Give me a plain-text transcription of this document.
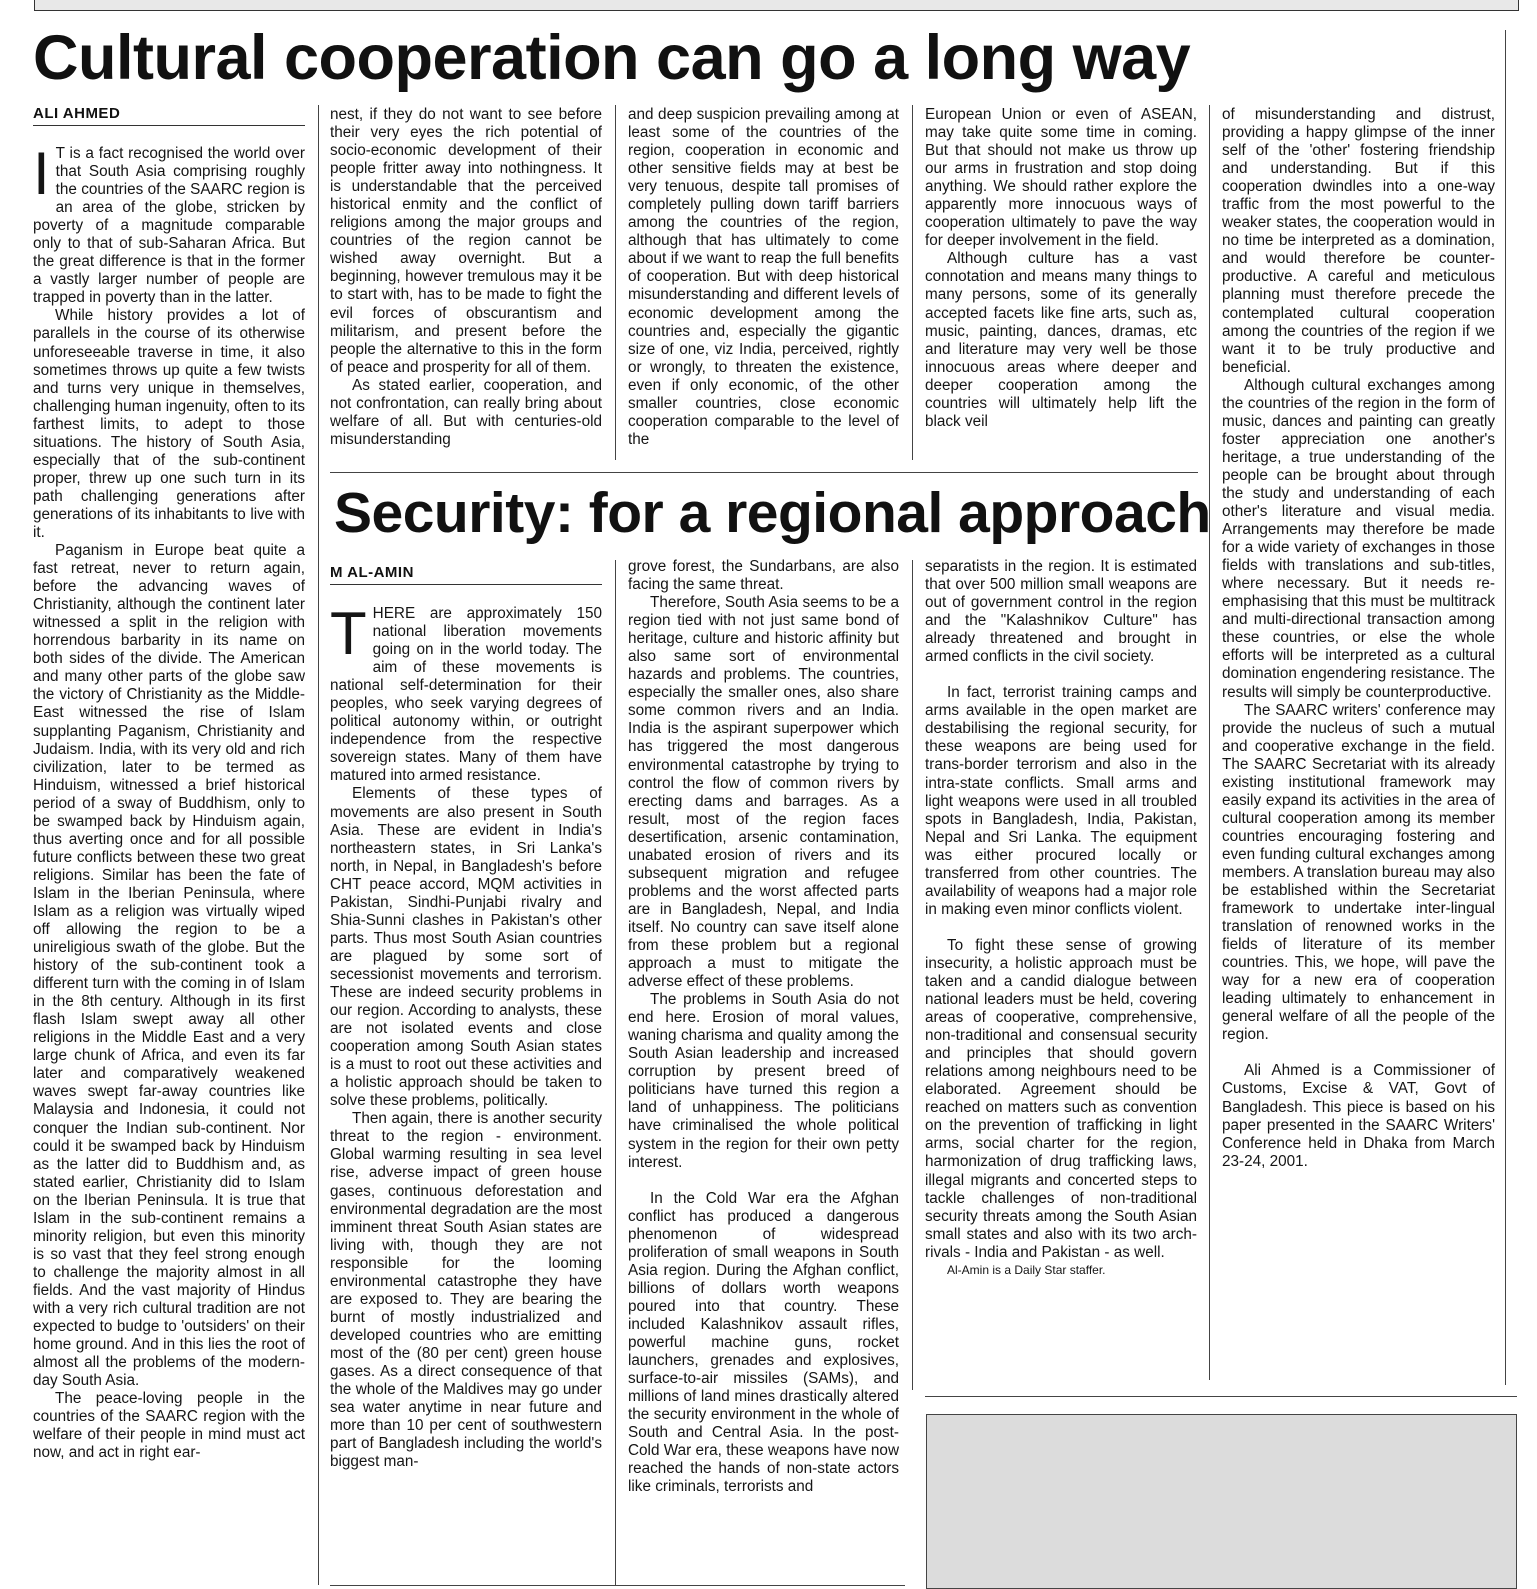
Cultural cooperation can go a long way
ALI AHMED

I T is a fact recognised the world over that South Asia comprising roughly the countries of the SAARC region is an area of the globe, stricken by poverty of a magnitude comparable only to that of sub-Saharan Africa. But the great difference is that in the former a vastly larger number of people are trapped in poverty than in the latter.

While history provides a lot of parallels in the course of its otherwise unforeseeable traverse in time, it also sometimes throws up quite a few twists and turns very unique in themselves, challenging human ingenuity, often to its farthest limits, to adept to those situations. The history of South Asia, especially that of the sub-continent proper, threw up one such turn in its path challenging generations after generations of its inhabitants to live with it.

Paganism in Europe beat quite a fast retreat, never to return again, before the advancing waves of Christianity, although the continent later witnessed a split in the religion with horrendous barbarity in its name on both sides of the divide. The American and many other parts of the globe saw the victory of Christianity as the Middle-East witnessed the rise of Islam supplanting Paganism, Christianity and Judaism. India, with its very old and rich civilization, later to be termed as Hinduism, witnessed a brief historical period of a sway of Buddhism, only to be swamped back by Hinduism again, thus averting once and for all possible future conflicts between these two great religions. Similar has been the fate of Islam in the Iberian Peninsula, where Islam as a religion was virtually wiped off allowing the region to be a unireligious swath of the globe. But the history of the sub-continent took a different turn with the coming in of Islam in the 8th century. Although in its first flash Islam swept away all other religions in the Middle East and a very large chunk of Africa, and even its far later and comparatively weakened waves swept far-away countries like Malaysia and Indonesia, it could not conquer the Indian sub-continent. Nor could it be swamped back by Hinduism as the latter did to Buddhism and, as stated earlier, Christianity did to Islam on the Iberian Peninsula. It is true that Islam in the sub-continent remains a minority religion, but even this minority is so vast that they feel strong enough to challenge the majority almost in all fields. And the vast majority of Hindus with a very rich cultural tradition are not expected to budge to 'outsiders' on their home ground. And in this lies the root of almost all the problems of the modern-day South Asia.

The peace-loving people in the countries of the SAARC region with the welfare of their people in mind must act now, and act in right ear-

nest, if they do not want to see before their very eyes the rich potential of socio-economic development of their people fritter away into nothingness. It is understandable that the perceived historical enmity and the conflict of religions among the major groups and countries of the region cannot be wished away overnight. But a beginning, however tremulous may it be to start with, has to be made to fight the evil forces of obscurantism and militarism, and present before the people the alternative to this in the form of peace and prosperity for all of them.

As stated earlier, cooperation, and not confrontation, can really bring about welfare of all. But with centuries-old misunderstanding

and deep suspicion prevailing among at least some of the countries of the region, cooperation in economic and other sensitive fields may at best be very tenuous, despite tall promises of completely pulling down tariff barriers among the countries of the region, although that has ultimately to come about if we want to reap the full benefits of cooperation. But with deep historical misunderstanding and different levels of economic development among the countries and, especially the gigantic size of one, viz India, perceived, rightly or wrongly, to threaten the existence, even if only economic, of the other smaller countries, close economic cooperation comparable to the level of the

European Union or even of ASEAN, may take quite some time in coming. But that should not make us throw up our arms in frustration and stop doing anything. We should rather explore the apparently more innocuous ways of cooperation ultimately to pave the way for deeper involvement in the field.

Although culture has a vast connotation and means many things to many persons, some of its generally accepted facets like fine arts, such as, music, painting, dances, dramas, etc and literature may very well be those innocuous areas where deeper and deeper cooperation among the countries will ultimately help lift the black veil

of misunderstanding and distrust, providing a happy glimpse of the inner self of the 'other' fostering friendship and understanding. But if this cooperation dwindles into a one-way traffic from the most powerful to the weaker states, the cooperation would in no time be interpreted as a domination, and would therefore be counter-productive. A careful and meticulous planning must therefore precede the contemplated cultural cooperation among the countries of the region if we want it to be truly productive and beneficial.

Although cultural exchanges among the countries of the region in the form of music, dances and painting can greatly foster appreciation one another's heritage, a true understanding of the people can be brought about through the study and understanding of each other's literature and visual media. Arrangements may therefore be made for a wide variety of exchanges in those fields with translations and sub-titles, where necessary. But it needs re-emphasising that this must be multitrack and multi-directional transaction among these countries, or else the whole efforts will be interpreted as a cultural domination engendering resistance. The results will simply be counterproductive.

The SAARC writers' conference may provide the nucleus of such a mutual and cooperative exchange in the field. The SAARC Secretariat with its already existing institutional framework may easily expand its activities in the area of cultural cooperation among its member countries encouraging fostering and even funding cultural exchanges among members. A translation bureau may also be established within the Secretariat framework to undertake inter-lingual translation of renowned works in the fields of literature of its member countries. This, we hope, will pave the way for a new era of cooperation leading ultimately to enhancement in general welfare of all the people of the region.

Ali Ahmed is a Commissioner of Customs, Excise & VAT, Govt of Bangladesh. This piece is based on his paper presented in the SAARC Writers' Conference held in Dhaka from March 23-24, 2001.

Security: for a regional approach
M AL-AMIN

THERE are approximately 150 national liberation movements going on in the world today. The aim of these movements is national self-determination for their peoples, who seek varying degrees of political autonomy within, or outright independence from the respective sovereign states. Many of them have matured into armed resistance.

Elements of these types of movements are also present in South Asia. These are evident in India's northeastern states, in Sri Lanka's north, in Nepal, in Bangladesh's before CHT peace accord, MQM activities in Pakistan, Sindhi-Punjabi rivalry and Shia-Sunni clashes in Pakistan's other parts. Thus most South Asian countries are plagued by some sort of secessionist movements and terrorism. These are indeed security problems in our region. According to analysts, these are not isolated events and close cooperation among South Asian states is a must to root out these activities and a holistic approach should be taken to solve these problems, politically.

Then again, there is another security threat to the region - environment. Global warming resulting in sea level rise, adverse impact of green house gases, continuous deforestation and environmental degradation are the most imminent threat South Asian states are living with, though they are not responsible for the looming environmental catastrophe they have are exposed to. They are bearing the burnt of mostly industrialized and developed countries who are emitting most of the (80 per cent) green house gases. As a direct consequence of that the whole of the Maldives may go under sea water anytime in near future and more than 10 per cent of southwestern part of Bangladesh including the world's biggest man-

grove forest, the Sundarbans, are also facing the same threat.

Therefore, South Asia seems to be a region tied with not just same bond of heritage, culture and historic affinity but also same sort of environmental hazards and problems. The countries, especially the smaller ones, also share some common rivers and an India. India is the aspirant superpower which has triggered the most dangerous environmental catastrophe by trying to control the flow of common rivers by erecting dams and barrages. As a result, most of the region faces desertification, arsenic contamination, unabated erosion of rivers and its subsequent migration and refugee problems and the worst affected parts are in Bangladesh, Nepal, and India itself. No country can save itself alone from these problem but a regional approach a must to mitigate the adverse effect of these problems.

The problems in South Asia do not end here. Erosion of moral values, waning charisma and quality among the South Asian leadership and increased corruption by present breed of politicians have turned this region a land of unhappiness. The politicians have criminalised the whole political system in the region for their own petty interest.

In the Cold War era the Afghan conflict has produced a dangerous phenomenon of widespread proliferation of small weapons in South Asia region. During the Afghan conflict, billions of dollars worth weapons poured into that country. These included Kalashnikov assault rifles, powerful machine guns, rocket launchers, grenades and explosives, surface-to-air missiles (SAMs), and millions of land mines drastically altered the security environment in the whole of South and Central Asia. In the post-Cold War era, these weapons have now reached the hands of non-state actors like criminals, terrorists and

separatists in the region. It is estimated that over 500 million small weapons are out of government control in the region and the "Kalashnikov Culture" has already threatened and brought in armed conflicts in the civil society.

In fact, terrorist training camps and arms available in the open market are destabilising the regional security, for these weapons are being used for trans-border terrorism and also in the intra-state conflicts. Small arms and light weapons were used in all troubled spots in Bangladesh, India, Pakistan, Nepal and Sri Lanka. The equipment was either procured locally or transferred from other countries. The availability of weapons had a major role in making even minor conflicts violent.

To fight these sense of growing insecurity, a holistic approach must be taken and a candid dialogue between national leaders must be held, covering areas of cooperative, comprehensive, non-traditional and consensual security and principles that should govern relations among neighbours need to be elaborated. Agreement should be reached on matters such as convention on the prevention of trafficking in light arms, social charter for the region, harmonization of drug trafficking laws, illegal migrants and concerted steps to tackle challenges of non-traditional security threats among the South Asian small states and also with its two arch-rivals - India and Pakistan - as well.

Al-Amin is a Daily Star staffer.
